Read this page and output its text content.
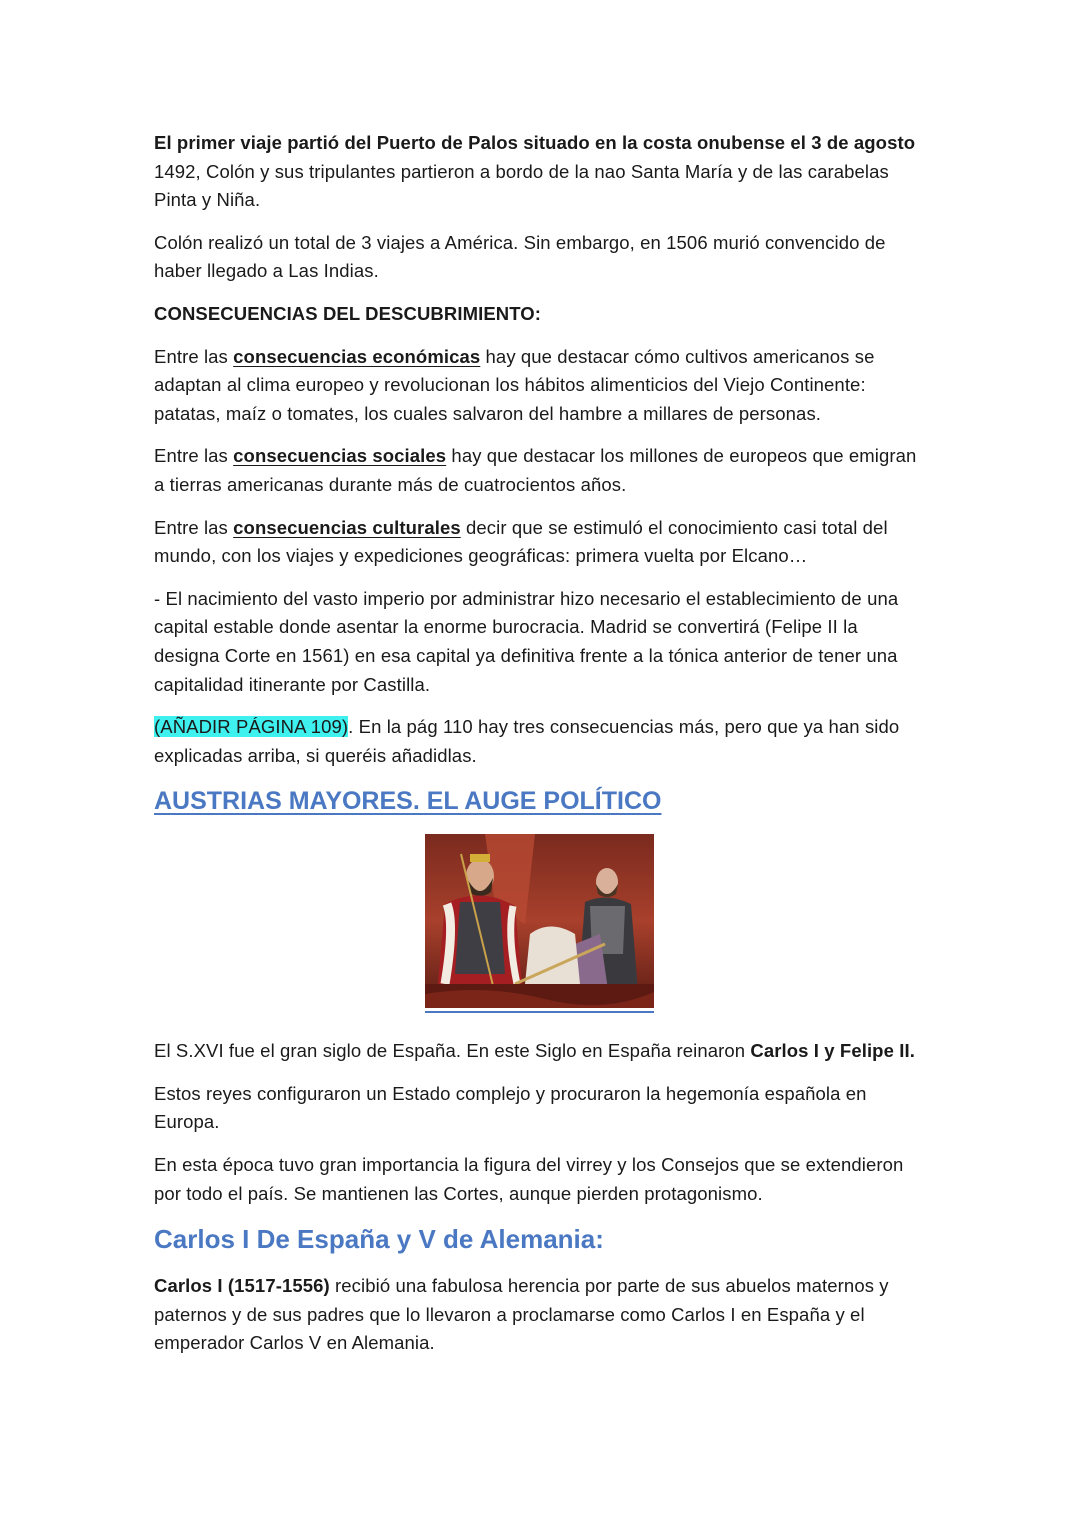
El primer viaje partió del Puerto de Palos situado en la costa onubense el 3 de agosto 1492, Colón y sus tripulantes partieron a bordo de la nao Santa María y de las carabelas Pinta y Niña.

Colón realizó un total de 3 viajes a América. Sin embargo, en 1506 murió convencido de haber llegado a Las Indias.

CONSECUENCIAS DEL DESCUBRIMIENTO:

Entre las consecuencias económicas hay que destacar cómo cultivos americanos se adaptan al clima europeo y revolucionan los hábitos alimenticios del Viejo Continente: patatas, maíz o tomates, los cuales salvaron del hambre a millares de personas.

Entre las consecuencias sociales hay que destacar los millones de europeos que emigran a tierras americanas durante más de cuatrocientos años.

Entre las consecuencias culturales decir que se estimuló el conocimiento casi total del mundo, con los viajes y expediciones geográficas: primera vuelta por Elcano…

- El nacimiento del vasto imperio por administrar hizo necesario el establecimiento de una capital estable donde asentar la enorme burocracia. Madrid se convertirá (Felipe II la designa Corte en 1561) en esa capital ya definitiva frente a la tónica anterior de tener una capitalidad itinerante por Castilla.

(AÑADIR PÁGINA 109). En la pág 110 hay tres consecuencias más, pero que ya han sido explicadas arriba, si queréis añadidlas.

AUSTRIAS MAYORES. EL AUGE POLÍTICO

El S.XVI fue el gran siglo de España. En este Siglo en España reinaron Carlos I y Felipe II.

Estos reyes configuraron un Estado complejo y procuraron la hegemonía española en Europa.

En esta época tuvo gran importancia la figura del virrey y los Consejos que se extendieron por todo el país. Se mantienen las Cortes, aunque pierden protagonismo.

Carlos I De España y V de Alemania:

Carlos I (1517-1556) recibió una fabulosa herencia por parte de sus abuelos maternos y paternos y de sus padres que lo llevaron a proclamarse como Carlos I en España y el emperador Carlos V en Alemania.
